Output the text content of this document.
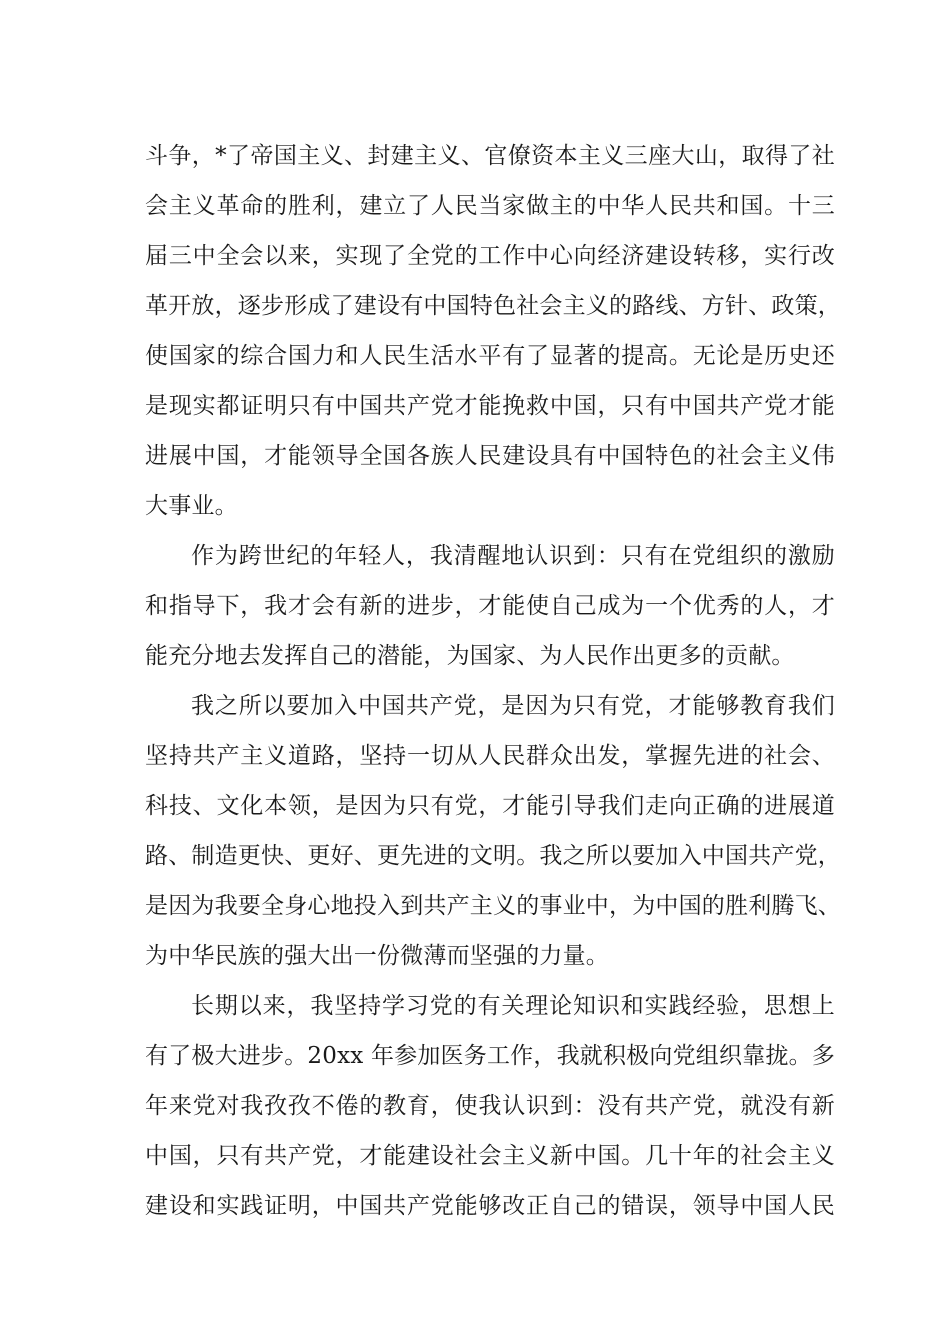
斗争，*了帝国主义、封建主义、官僚资本主义三座大山，取得了社
会主义革命的胜利，建立了人民当家做主的中华人民共和国。十三
届三中全会以来，实现了全党的工作中心向经济建设转移，实行改
革开放，逐步形成了建设有中国特色社会主义的路线、方针、政策，
使国家的综合国力和人民生活水平有了显著的提高。无论是历史还
是现实都证明只有中国共产党才能挽救中国，只有中国共产党才能
进展中国，才能领导全国各族人民建设具有中国特色的社会主义伟
大事业。
作为跨世纪的年轻人，我清醒地认识到：只有在党组织的激励
和指导下，我才会有新的进步，才能使自己成为一个优秀的人，才
能充分地去发挥自己的潜能，为国家、为人民作出更多的贡献。
我之所以要加入中国共产党，是因为只有党，才能够教育我们
坚持共产主义道路，坚持一切从人民群众出发，掌握先进的社会、
科技、文化本领，是因为只有党，才能引导我们走向正确的进展道
路、制造更快、更好、更先进的文明。我之所以要加入中国共产党，
是因为我要全身心地投入到共产主义的事业中，为中国的胜利腾飞、
为中华民族的强大出一份微薄而坚强的力量。
长期以来，我坚持学习党的有关理论知识和实践经验，思想上
有了极大进步。20xx 年参加医务工作，我就积极向党组织靠拢。多
年来党对我孜孜不倦的教育，使我认识到：没有共产党，就没有新
中国，只有共产党，才能建设社会主义新中国。几十年的社会主义
建设和实践证明，中国共产党能够改正自己的错误，领导中国人民
